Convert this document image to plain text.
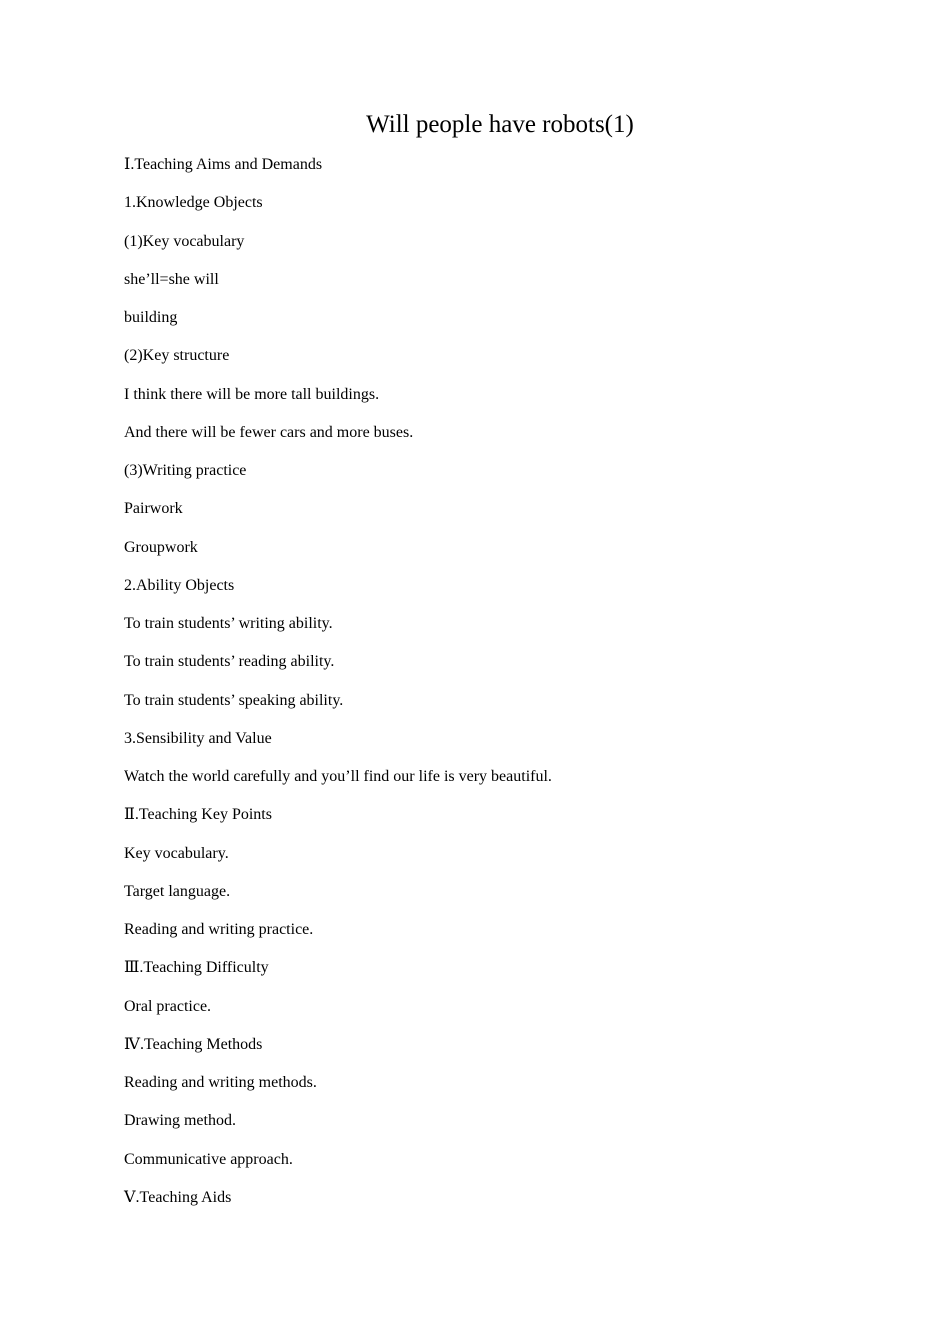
Will people have robots(1)
Ⅰ.Teaching Aims and Demands
1.Knowledge Objects
(1)Key vocabulary
she’ll=she will
building
(2)Key structure
I think there will be more tall buildings.
And there will be fewer cars and more buses.
(3)Writing practice
Pairwork
Groupwork
2.Ability Objects
To train students’ writing ability.
To train students’ reading ability.
To train students’ speaking ability.
3.Sensibility and Value
Watch the world carefully and you’ll find our life is very beautiful.
Ⅱ.Teaching Key Points
Key vocabulary.
Target language.
Reading and writing practice.
Ⅲ.Teaching Difficulty
Oral practice.
Ⅳ.Teaching Methods
Reading and writing methods.
Drawing method.
Communicative approach.
Ⅴ.Teaching Aids
